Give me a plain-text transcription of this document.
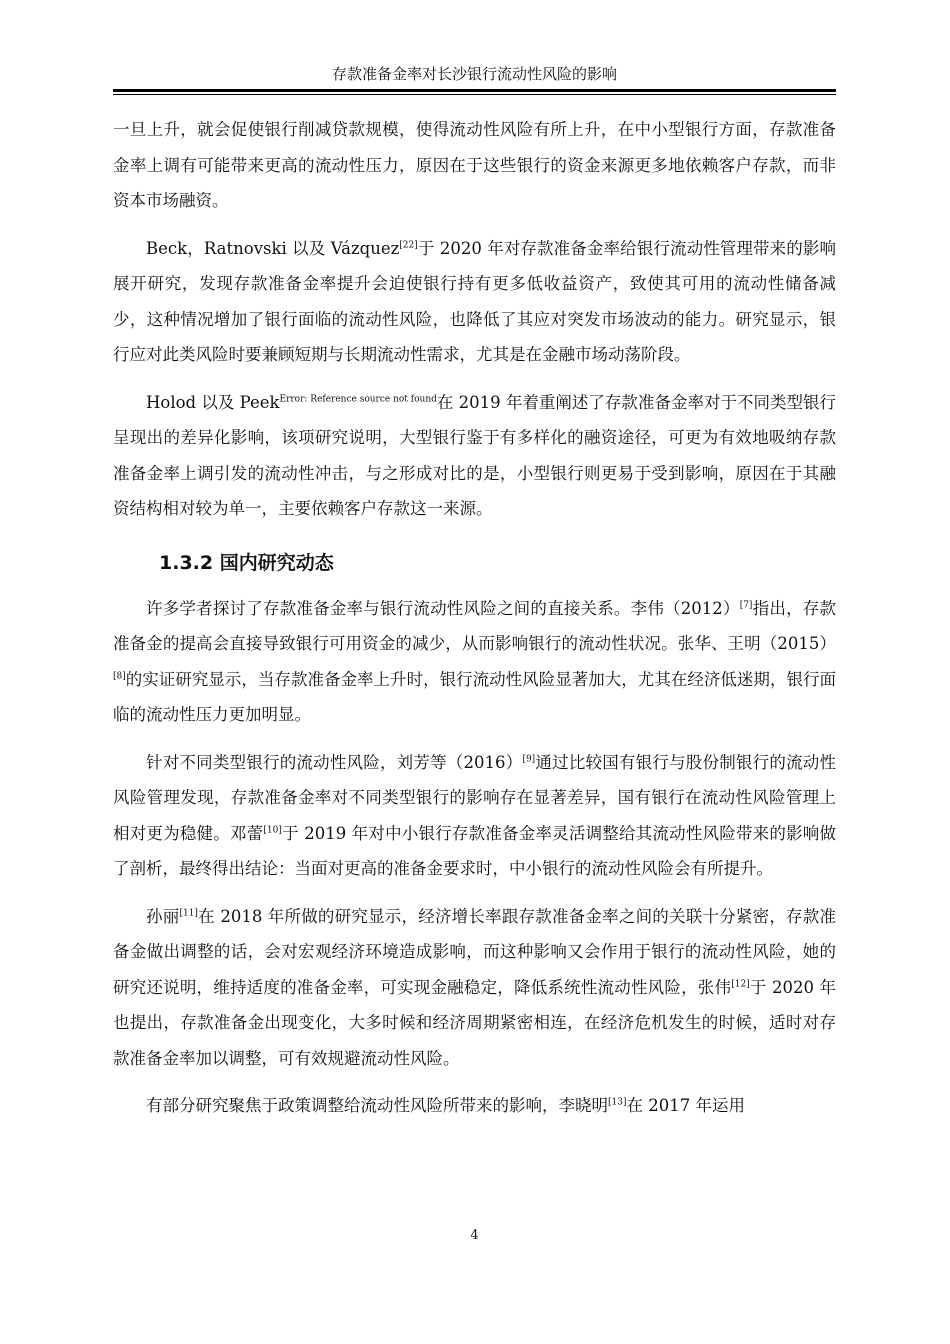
存款准备金率对长沙银行流动性风险的影响

一旦上升，就会促使银行削减贷款规模，使得流动性风险有所上升，在中小型银行方面，存款准备金率上调有可能带来更高的流动性压力，原因在于这些银行的资金来源更多地依赖客户存款，而非资本市场融资。

Beck，Ratnovski 以及 Vázquez[22]于 2020 年对存款准备金率给银行流动性管理带来的影响展开研究，发现存款准备金率提升会迫使银行持有更多低收益资产，致使其可用的流动性储备减少，这种情况增加了银行面临的流动性风险，也降低了其应对突发市场波动的能力。研究显示，银行应对此类风险时要兼顾短期与长期流动性需求，尤其是在金融市场动荡阶段。

Holod 以及 Peek$^{Error: Reference source not found}$在 2019 年着重阐述了存款准备金率对于不同类型银行呈现出的差异化影响，该项研究说明，大型银行鉴于有多样化的融资途径，可更为有效地吸纳存款准备金率上调引发的流动性冲击，与之形成对比的是，小型银行则更易于受到影响，原因在于其融资结构相对较为单一，主要依赖客户存款这一来源。

1.3.2 国内研究动态

许多学者探讨了存款准备金率与银行流动性风险之间的直接关系。李伟（2012）[7]指出，存款准备金的提高会直接导致银行可用资金的减少，从而影响银行的流动性状况。张华、王明（2015）[8]的实证研究显示，当存款准备金率上升时，银行流动性风险显著加大，尤其在经济低迷期，银行面临的流动性压力更加明显。

针对不同类型银行的流动性风险，刘芳等（2016）[9]通过比较国有银行与股份制银行的流动性风险管理发现，存款准备金率对不同类型银行的影响存在显著差异，国有银行在流动性风险管理上相对更为稳健。邓蕾[10]于 2019 年对中小银行存款准备金率灵活调整给其流动性风险带来的影响做了剖析，最终得出结论：当面对更高的准备金要求时，中小银行的流动性风险会有所提升。

孙丽[11]在 2018 年所做的研究显示，经济增长率跟存款准备金率之间的关联十分紧密，存款准备金做出调整的话，会对宏观经济环境造成影响，而这种影响又会作用于银行的流动性风险，她的研究还说明，维持适度的准备金率，可实现金融稳定，降低系统性流动性风险，张伟[12]于 2020 年也提出，存款准备金出现变化，大多时候和经济周期紧密相连，在经济危机发生的时候，适时对存款准备金率加以调整，可有效规避流动性风险。

有部分研究聚焦于政策调整给流动性风险所带来的影响，李晓明[13]在 2017 年运用

4
